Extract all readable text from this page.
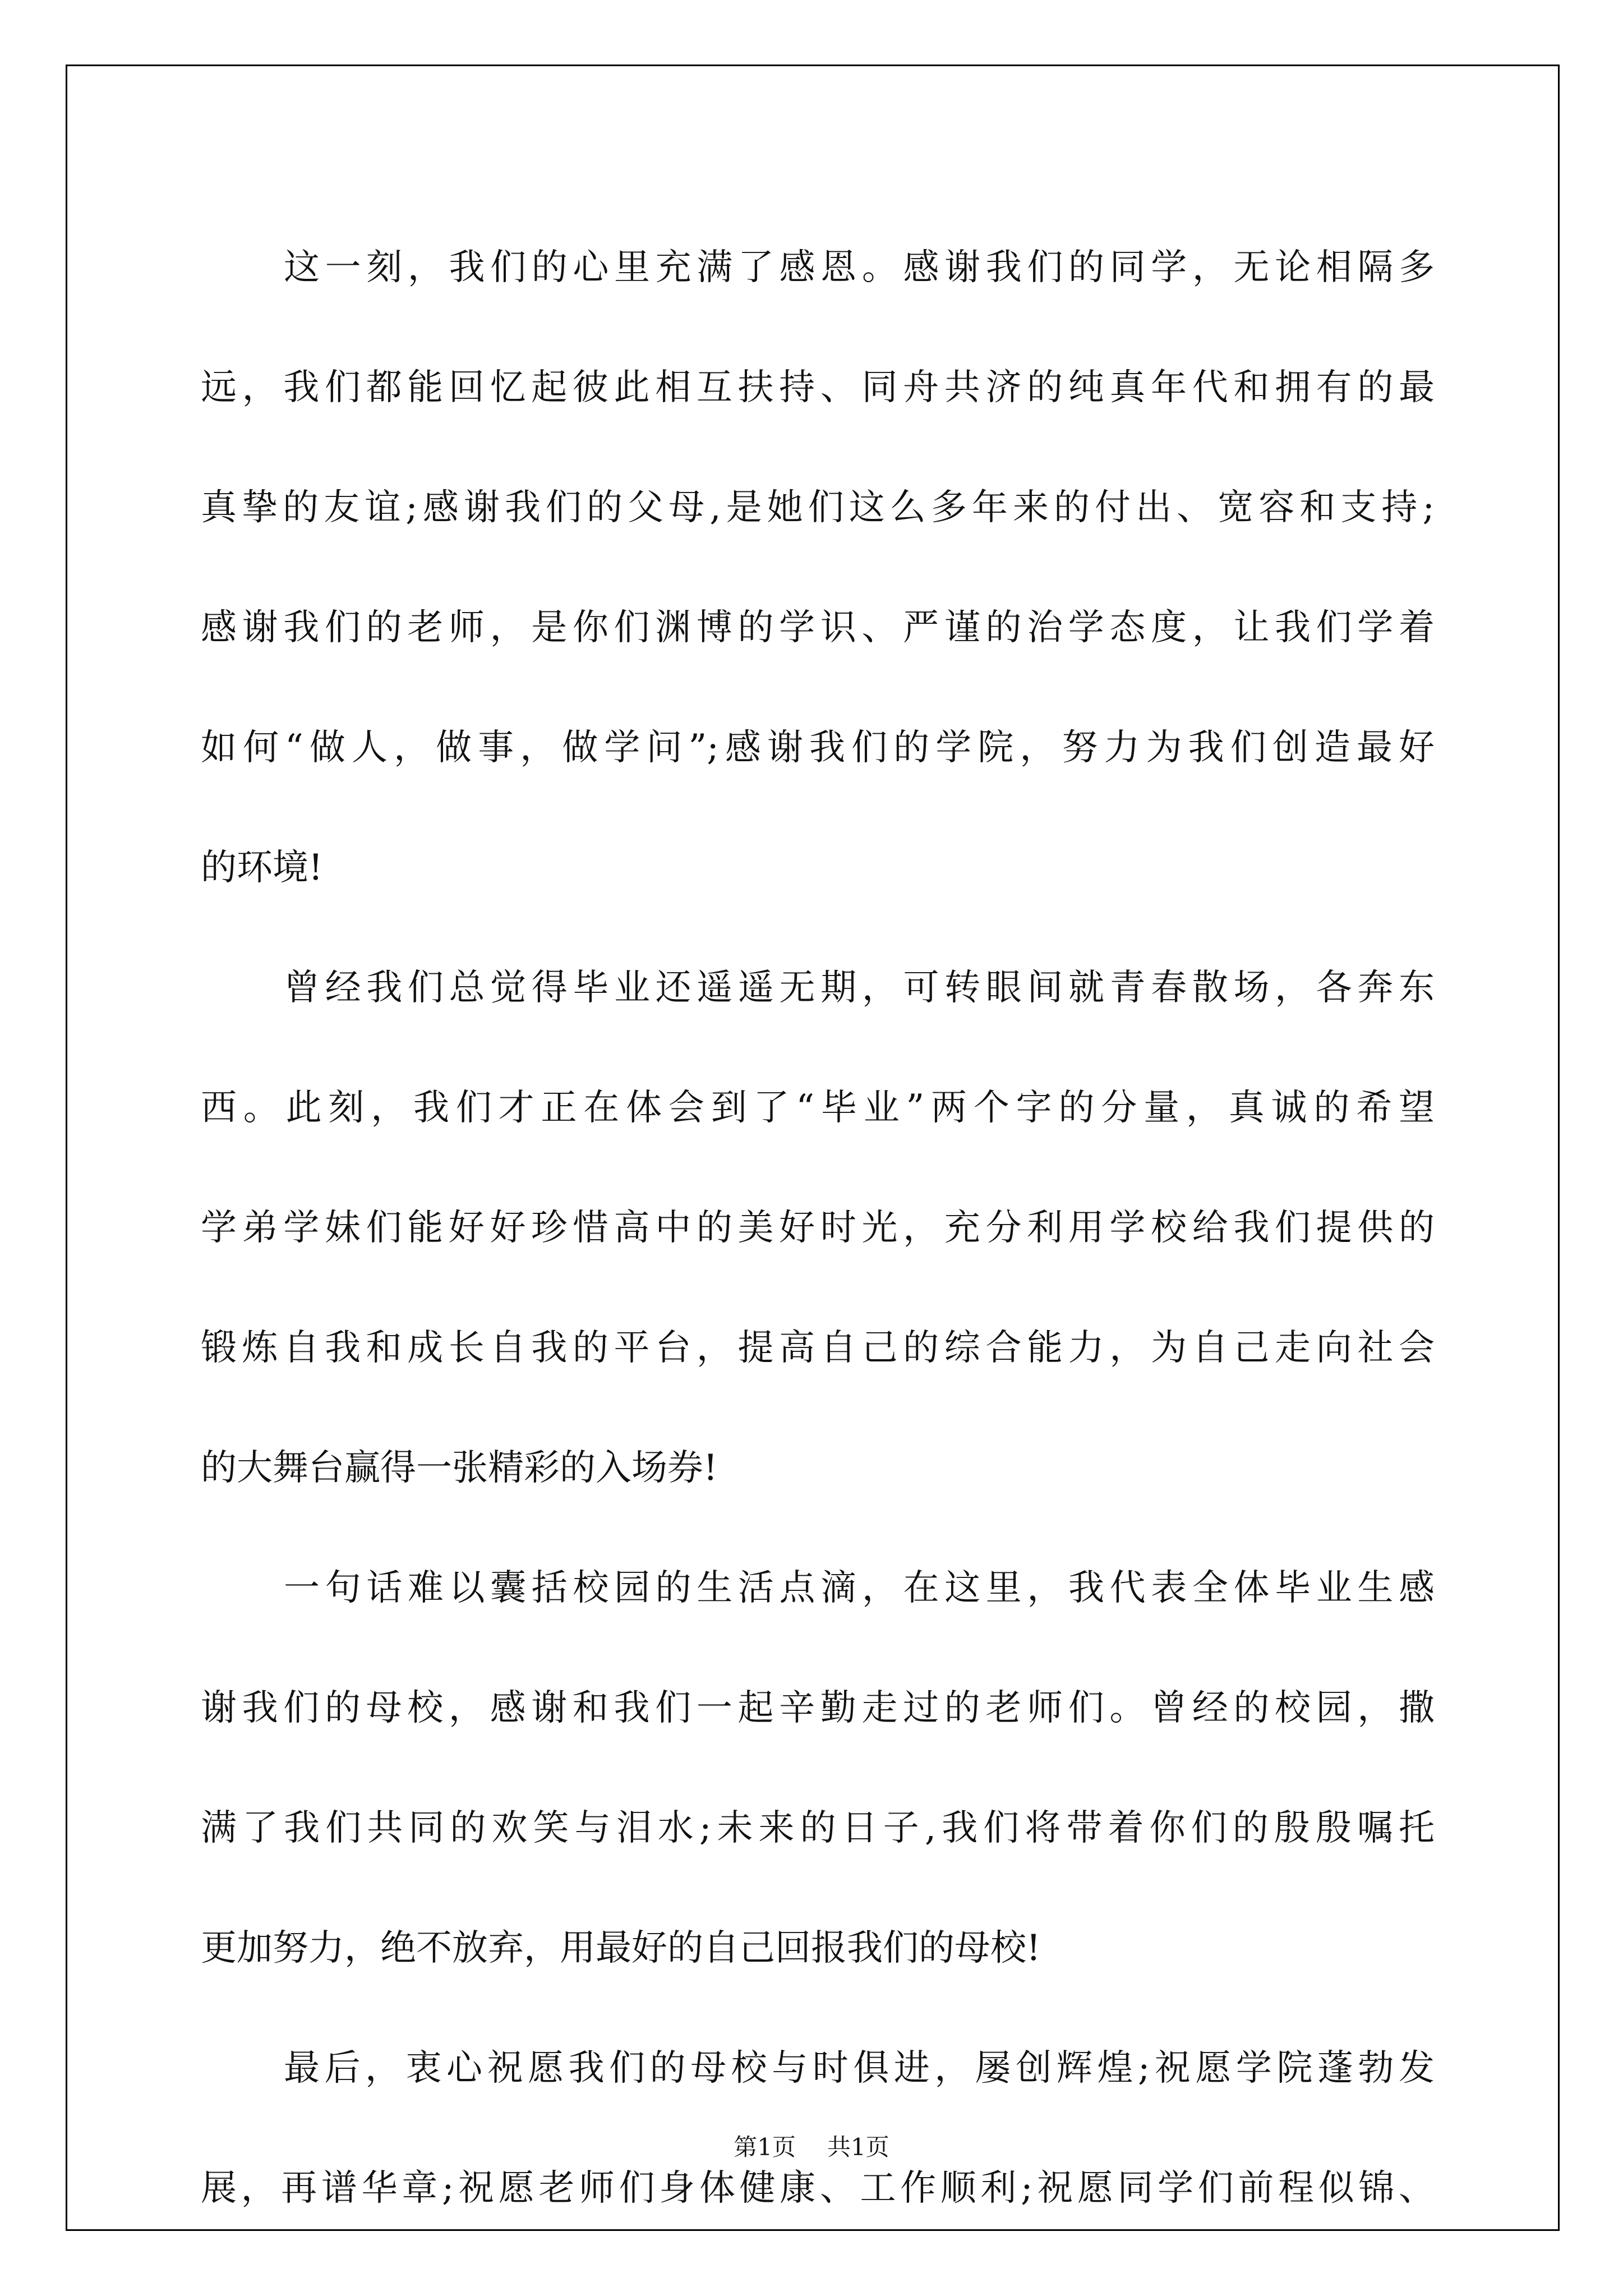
这一刻，我们的心里充满了感恩。感谢我们的同学，无论相隔多
远，我们都能回忆起彼此相互扶持、同舟共济的纯真年代和拥有的最
真挚的友谊;感谢我们的父母,是她们这么多年来的付出、宽容和支持;
感谢我们的老师，是你们渊博的学识、严谨的治学态度，让我们学着
如何“做人，做事，做学问”;感谢我们的学院，努力为我们创造最好
的环境!
曾经我们总觉得毕业还遥遥无期，可转眼间就青春散场，各奔东
西。此刻，我们才正在体会到了“毕业”两个字的分量，真诚的希望
学弟学妹们能好好珍惜高中的美好时光，充分利用学校给我们提供的
锻炼自我和成长自我的平台，提高自己的综合能力，为自己走向社会
的大舞台赢得一张精彩的入场券!
一句话难以囊括校园的生活点滴，在这里，我代表全体毕业生感
谢我们的母校，感谢和我们一起辛勤走过的老师们。曾经的校园，撒
满了我们共同的欢笑与泪水;未来的日子,我们将带着你们的殷殷嘱托
更加努力，绝不放弃，用最好的自己回报我们的母校!
最后，衷心祝愿我们的母校与时俱进，屡创辉煌;祝愿学院蓬勃发
展，再谱华章;祝愿老师们身体健康、工作顺利;祝愿同学们前程似锦、
第1页 共1页
